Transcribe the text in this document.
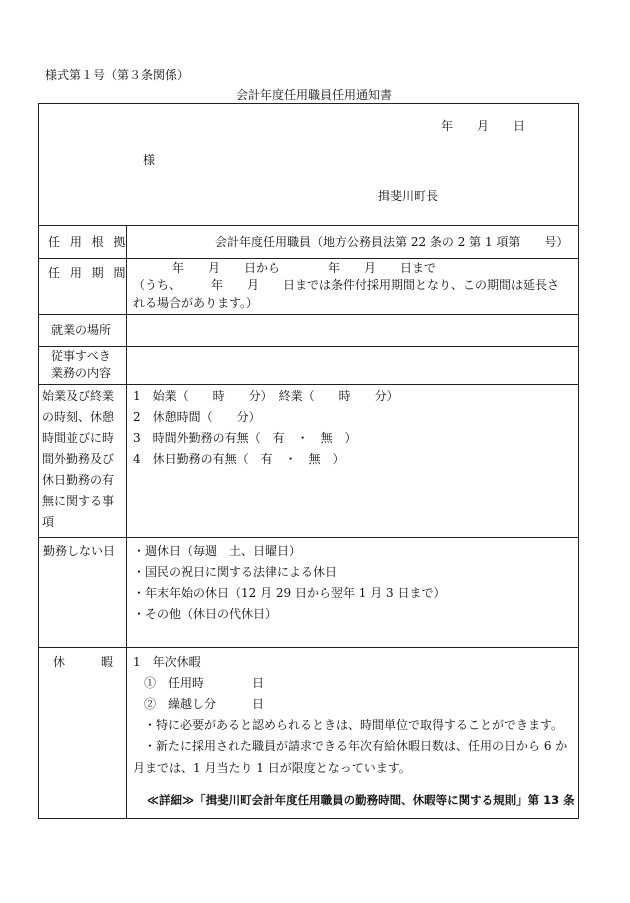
様式第１号（第３条関係）
会計年度任用職員任用通知書
年　　月　　日
様
揖斐川町長
任 用 根 拠	会計年度任用職員（地方公務員法第 22 条の 2 第 1 項第　　号）
任 用 期 間	年　　月　　日から　　　　年　　月　　日まで
（うち、　　　年　　月　　日までは条件付採用期間となり、この期間は延長さ
れる場合があります。）
就業の場所
従事すべき
業務の内容
始業及び終業
の時刻、休憩
時間並びに時
間外勤務及び
休日勤務の有
無に関する事
項
1　始業（　　時　　分）　終業（　　時　　分）
2　休憩時間（　　分）
3　時間外勤務の有無（　有　・　無　）
4　休日勤務の有無（　有　・　無　）
勤務しない日 ・週休日（毎週　土、日曜日）
・国民の祝日に関する法律による休日
・年末年始の休日（12 月 29 日から翌年 1 月 3 日まで）
・その他（休日の代休日）
休　　　暇 1　年次休暇
①　任用時　　　　日
②　繰越し分　　　日
・特に必要があると認められるときは、時間単位で取得することができます。
・新たに採用された職員が請求できる年次有給休暇日数は、任用の日から 6 か
月までは、1 月当たり 1 日が限度となっています。
≪詳細≫「揖斐川町会計年度任用職員の勤務時間、休暇等に関する規則」第 13 条
